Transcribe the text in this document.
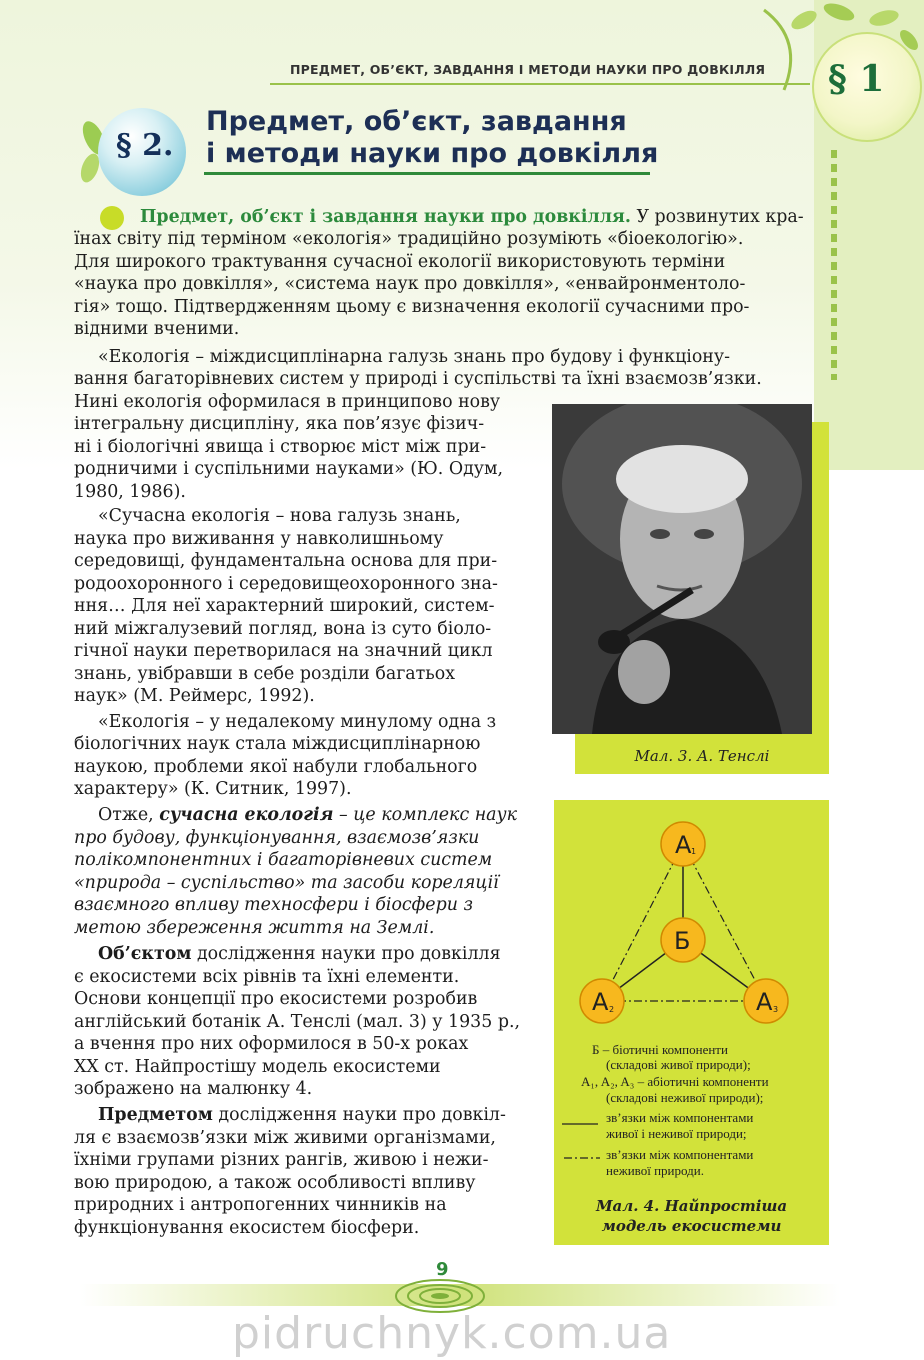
ПРЕДМЕТ, ОБ’ЄКТ, ЗАВДАННЯ І МЕТОДИ НАУКИ ПРО ДОВКІЛЛЯ § 1
§ 2.
Предмет, об’єкт, завдання
і методи науки про довкілля
Предмет, об’єкт і завдання науки про довкілля. У розвинутих кра-
їнах світу під терміном «екологія» традиційно розуміють «біоекологію».
Для широкого трактування сучасної екології використовують терміни
«наука про довкілля», «система наук про довкілля», «енвайронментоло-
гія» тощо. Підтвердженням цьому є визначення екології сучасними про-
відними вченими.
«Екологія – міждисциплінарна галузь знань про будову і функціону-
вання багаторівневих систем у природі і суспільстві та їхні взаємозв’язки.
Нині екологія оформилася в принципово нову
інтегральну дисципліну, яка пов’язує фізич-
ні і біологічні явища і створює міст між при-
родничими і суспільними науками» (Ю. Одум,
1980, 1986).
«Сучасна екологія – нова галузь знань,
наука про виживання у навколишньому
середовищі, фундаментальна основа для при-
родоохоронного і середовищеохоронного зна-
ння… Для неї характерний широкий, систем-
ний міжгалузевий погляд, вона із суто біоло-
гічної науки перетворилася на значний цикл
знань, увібравши в себе розділи багатьох
наук» (М. Реймерс, 1992).
«Екологія – у недалекому минулому одна з
біологічних наук стала міждисциплінарною
наукою, проблеми якої набули глобального
характеру» (К. Ситник, 1997).
Отже, сучасна екологія – це комплекс наук
про будову, функціонування, взаємозв’язки
полікомпонентних і багаторівневих систем
«природа – суспільство» та засоби кореляції
взаємного впливу техносфери і біосфери з
метою збереження життя на Землі.
Об’єктом дослідження науки про довкілля
є екосистеми всіх рівнів та їхні елементи.
Основи концепції про екосистеми розробив
англійський ботанік А. Тенслі (мал. 3) у 1935 р.,
а вчення про них оформилося в 50-х роках
XX ст. Найпростішу модель екосистеми
зображено на малюнку 4.
Предметом дослідження науки про довкіл-
ля є взаємозв’язки між живими організмами,
їхніми групами різних рангів, живою і нежи-
вою природою, а також особливості впливу
природних і антропогенних чинників на
функціонування екосистем біосфери.
Мал. 3. А. Тенслі
A 1
Б
A 2	A 3
Б – біотичні компоненти
(складові живої природи);
A₁, A₂, A₃ – абіотичні компоненти
(складові неживої природи);
зв’язки між компонентами
живої і неживої природи;
зв’язки між компонентами
неживої природи.
Мал. 4. Найпростіша
модель екосистеми
9
pidruchnyk.com.ua
